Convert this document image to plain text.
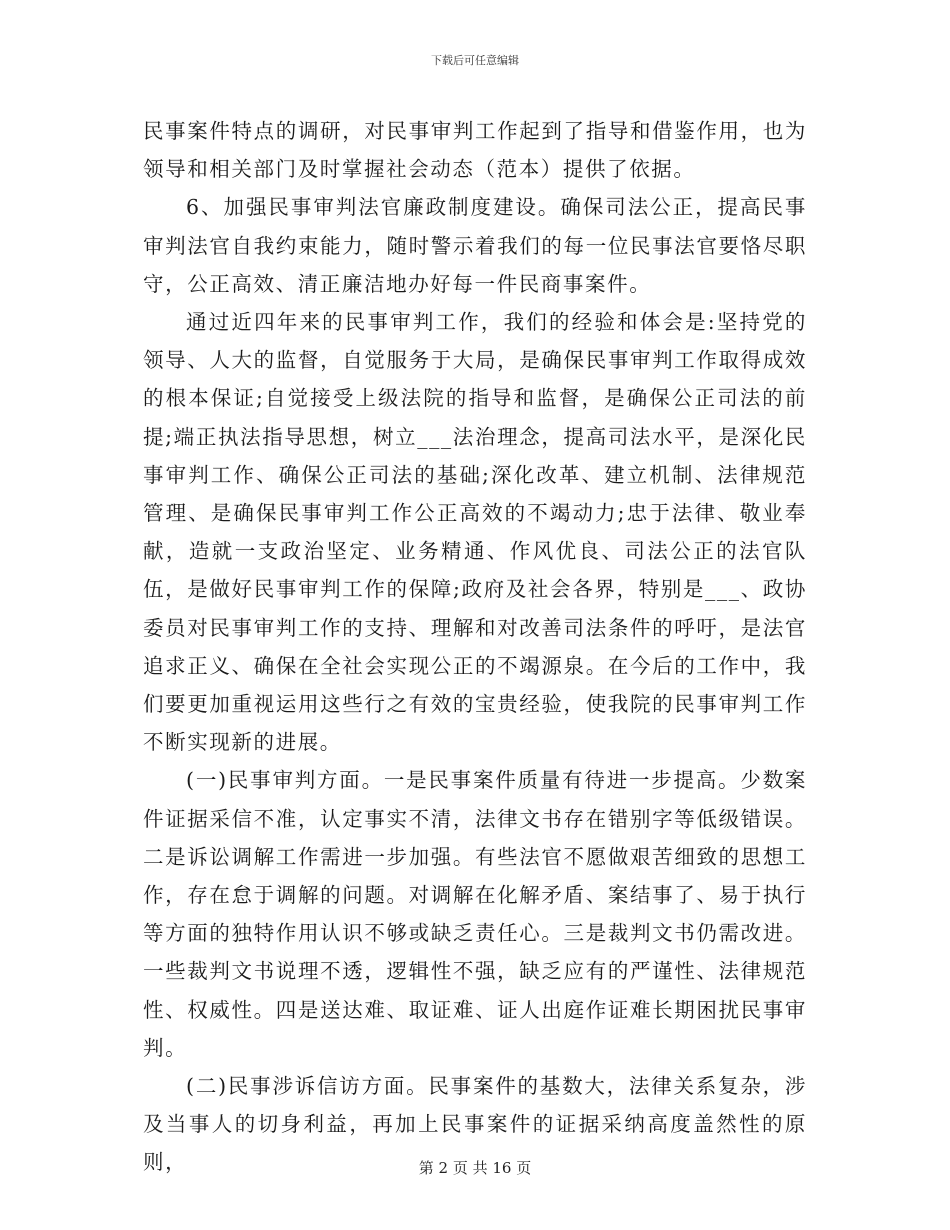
下载后可任意编辑

民事案件特点的调研，对民事审判工作起到了指导和借鉴作用，也为领导和相关部门及时掌握社会动态（范本）提供了依据。

6、加强民事审判法官廉政制度建设。确保司法公正，提高民事审判法官自我约束能力，随时警示着我们的每一位民事法官要恪尽职守，公正高效、清正廉洁地办好每一件民商事案件。

通过近四年来的民事审判工作，我们的经验和体会是:坚持党的领导、人大的监督，自觉服务于大局，是确保民事审判工作取得成效的根本保证;自觉接受上级法院的指导和监督，是确保公正司法的前提;端正执法指导思想，树立___法治理念，提高司法水平，是深化民事审判工作、确保公正司法的基础;深化改革、建立机制、法律规范管理、是确保民事审判工作公正高效的不竭动力;忠于法律、敬业奉献，造就一支政治坚定、业务精通、作风优良、司法公正的法官队伍，是做好民事审判工作的保障;政府及社会各界，特别是___、政协委员对民事审判工作的支持、理解和对改善司法条件的呼吁，是法官追求正义、确保在全社会实现公正的不竭源泉。在今后的工作中，我们要更加重视运用这些行之有效的宝贵经验，使我院的民事审判工作不断实现新的进展。

(一)民事审判方面。一是民事案件质量有待进一步提高。少数案件证据采信不准，认定事实不清，法律文书存在错别字等低级错误。二是诉讼调解工作需进一步加强。有些法官不愿做艰苦细致的思想工作，存在怠于调解的问题。对调解在化解矛盾、案结事了、易于执行等方面的独特作用认识不够或缺乏责任心。三是裁判文书仍需改进。一些裁判文书说理不透，逻辑性不强，缺乏应有的严谨性、法律规范性、权威性。四是送达难、取证难、证人出庭作证难长期困扰民事审判。

(二)民事涉诉信访方面。民事案件的基数大，法律关系复杂，涉及当事人的切身利益，再加上民事案件的证据采纳高度盖然性的原则，	第 2 页 共 16 页
